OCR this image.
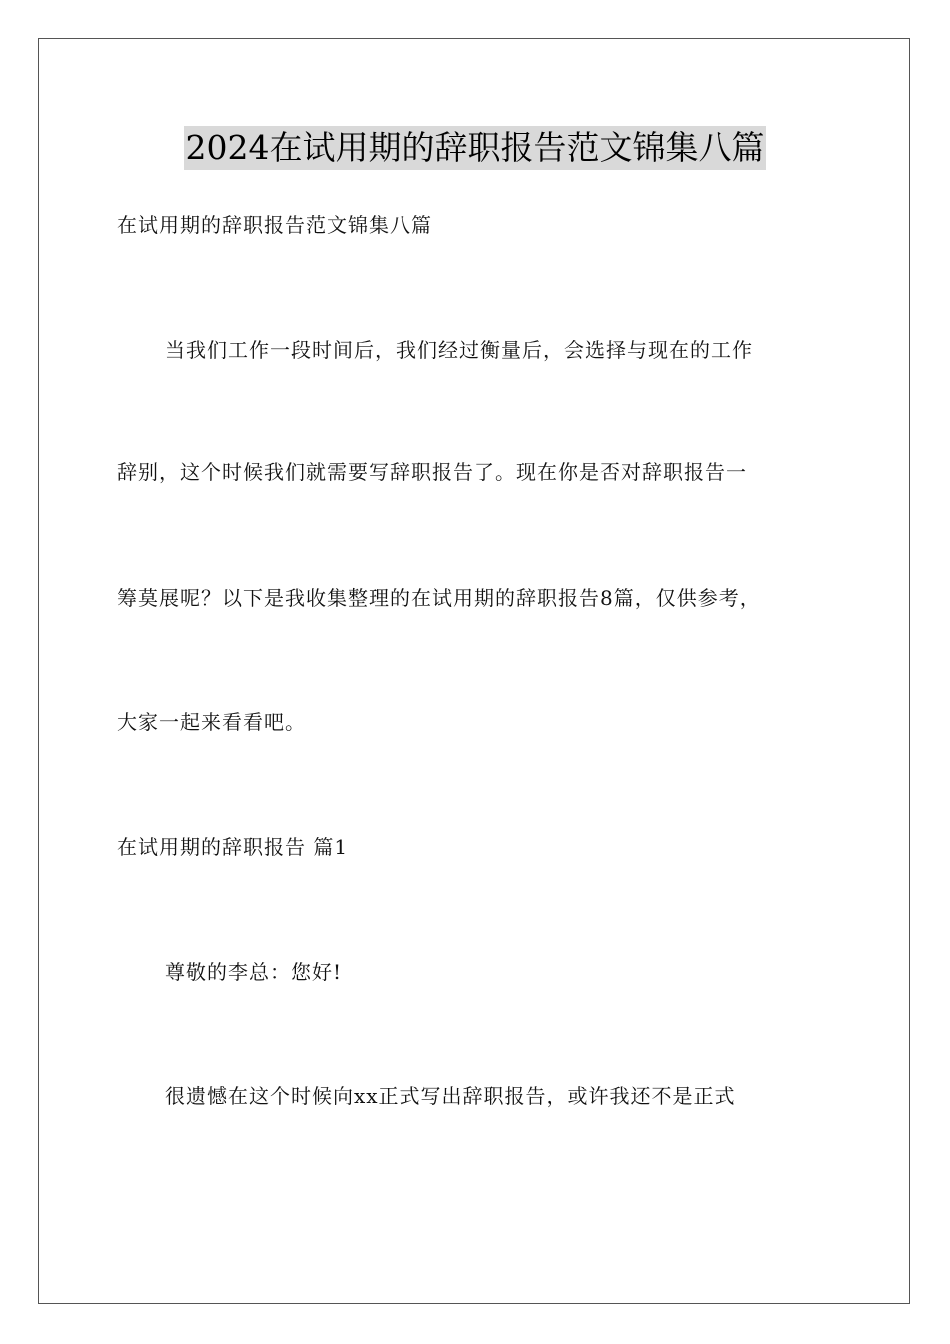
2024在试用期的辞职报告范文锦集八篇
在试用期的辞职报告范文锦集八篇
当我们工作一段时间后，我们经过衡量后，会选择与现在的工作
辞别，这个时候我们就需要写辞职报告了。现在你是否对辞职报告一
筹莫展呢？以下是我收集整理的在试用期的辞职报告8篇，仅供参考，
大家一起来看看吧。
在试用期的辞职报告 篇1
尊敬的李总：您好!
很遗憾在这个时候向xx正式写出辞职报告，或许我还不是正式
